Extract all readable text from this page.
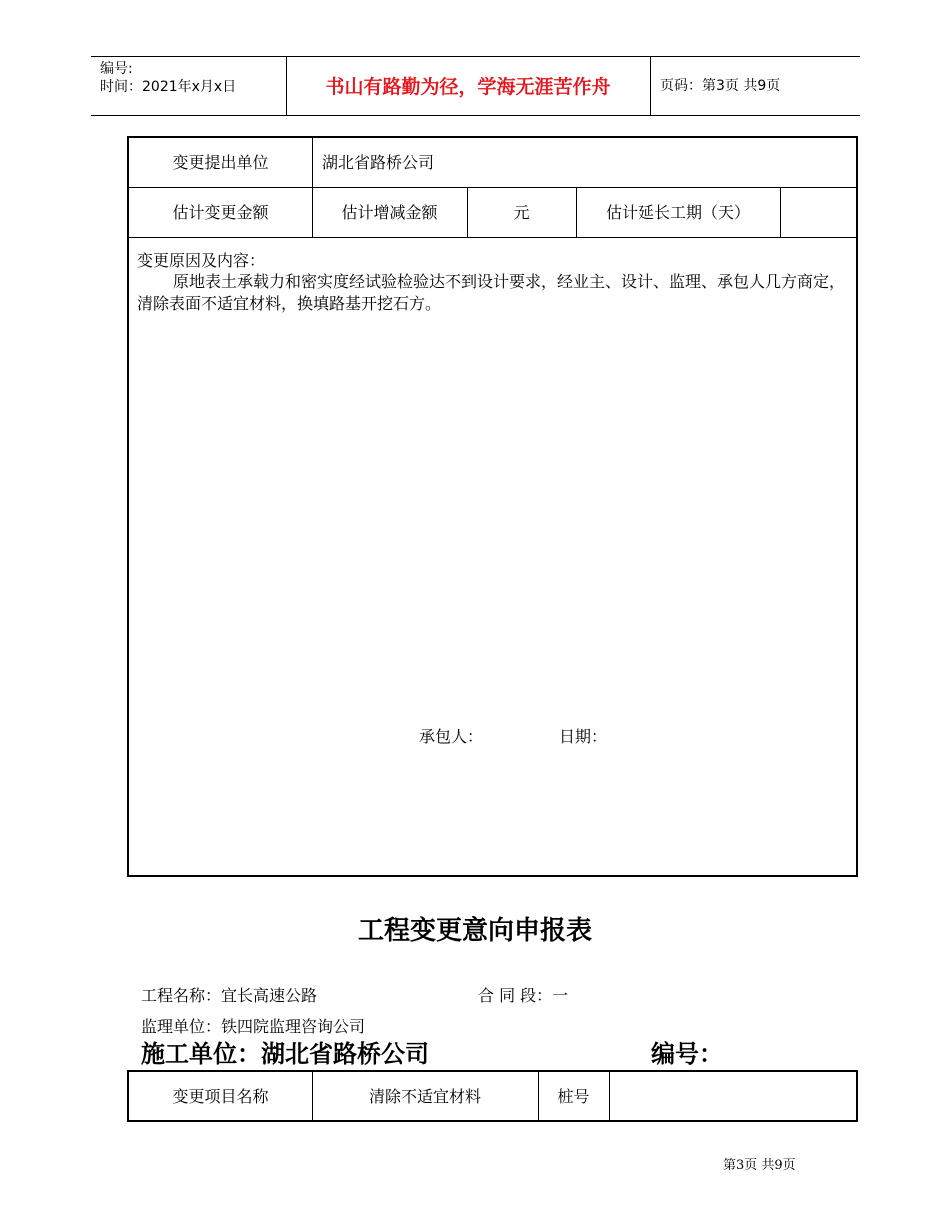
编号:
时间：2021年x月x日	书山有路勤为径，学海无涯苦作舟	页码：第3页 共9页
变更提出单位	湖北省路桥公司
估计变更金额	估计增减金额	元	估计延长工期（天）
变更原因及内容：
原地表土承载力和密实度经试验检验达不到设计要求，经业主、设计、监理、承包人几方商定，清除表面不适宜材料，换填路基开挖石方。
承包人：	日期：
工程变更意向申报表
工程名称：宜长高速公路	合 同 段：一
监理单位：铁四院监理咨询公司
施工单位：湖北省路桥公司	编号：
变更项目名称	清除不适宜材料	桩号
第3页 共9页
